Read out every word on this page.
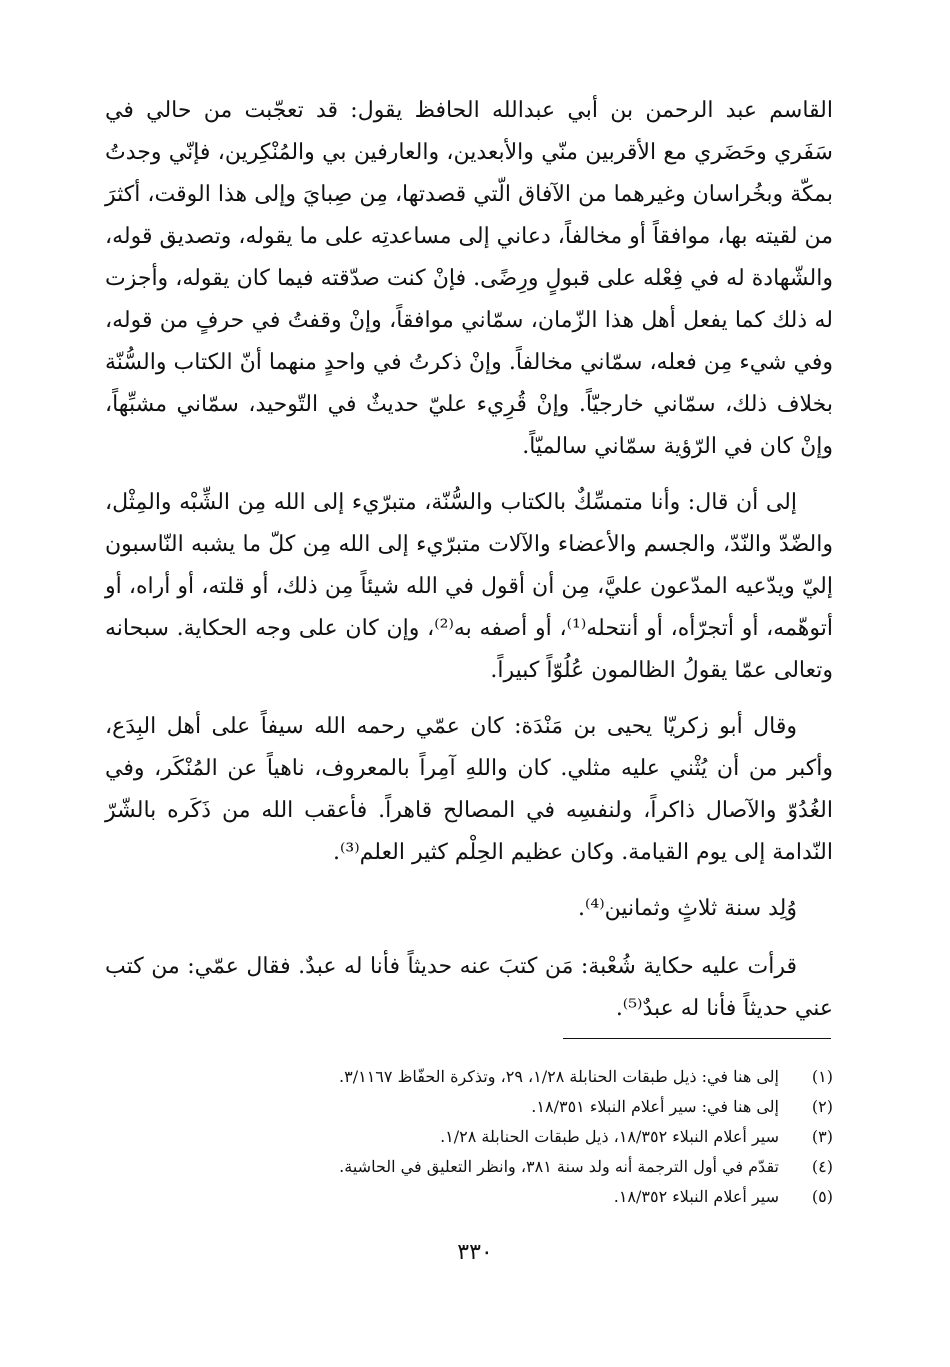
القاسم عبد الرحمن بن أبي عبدالله الحافظ يقول: قد تعجّبت من حالي في سَفَري وحَضَري مع الأقربين منّي والأبعدين، والعارفين بي والمُنْكِرين، فإنّي وجدتُ بمكّة وبخُراسان وغيرهما من الآفاق الّتي قصدتها، مِن صِبايَ وإلى هذا الوقت، أكثرَ من لقيته بها، موافقاً أو مخالفاً، دعاني إلى مساعدتِه على ما يقوله، وتصديق قوله، والشّهادة له في فِعْله على قبولٍ ورِضًى. فإنْ كنت صدّقته فيما كان يقوله، وأجزت له ذلك كما يفعل أهل هذا الزّمان، سمّاني موافقاً، وإنْ وقفتُ في حرفٍ من قوله، وفي شيء مِن فعله، سمّاني مخالفاً. وإنْ ذكرتُ في واحدٍ منهما أنّ الكتاب والسُّنّة بخلاف ذلك، سمّاني خارجيّاً. وإنْ قُرِيء عليّ حديثٌ في التّوحيد، سمّاني مشبِّهاً، وإنْ كان في الرّؤية سمّاني سالميّاً.

إلى أن قال: وأنا متمسِّكٌ بالكتاب والسُّنّة، متبرّيء إلى الله مِن الشِّبْه والمِثْل، والضّدّ والنّدّ، والجسم والأعضاء والآلات متبرّيء إلى الله مِن كلّ ما يشبه النّاسبون إليّ ويدّعيه المدّعون عليَّ، مِن أن أقول في الله شيئاً مِن ذلك، أو قلته، أو أراه، أو أتوهّمه، أو أتجرّأه، أو أنتحله⁽¹⁾، أو أصفه به⁽²⁾، وإن كان على وجه الحكاية. سبحانه وتعالى عمّا يقولُ الظالمون عُلُوّاً كبيراً.

وقال أبو زكريّا يحيى بن مَنْدَة: كان عمّي رحمه الله سيفاً على أهل البِدَع، وأكبر من أن يُثْني عليه مثلي. كان واللهِ آمِراً بالمعروف، ناهياً عن المُنْكَر، وفي الغُدُوّ والآصال ذاكراً، ولنفسِه في المصالح قاهراً. فأعقب الله من ذَكَره بالشّرّ النّدامة إلى يوم القيامة. وكان عظيم الحِلْم كثير العلم⁽³⁾.

وُلِد سنة ثلاثٍ وثمانين⁽⁴⁾.

قرأت عليه حكاية شُعْبة: مَن كتبَ عنه حديثاً فأنا له عبدٌ. فقال عمّي: من كتب عني حديثاً فأنا له عبدٌ⁽⁵⁾.

(١)
إلى هنا في: ذيل طبقات الحنابلة ١/٢٨، ٢٩، وتذكرة الحفّاظ ٣/١١٦٧.
(٢)
إلى هنا في: سير أعلام النبلاء ١٨/٣٥١.
(٣)
سير أعلام النبلاء ١٨/٣٥٢، ذيل طبقات الحنابلة ١/٢٨.
(٤)
تقدّم في أول الترجمة أنه ولد سنة ٣٨١، وانظر التعليق في الحاشية.
(٥)
سير أعلام النبلاء ١٨/٣٥٢.
٣٣٠
